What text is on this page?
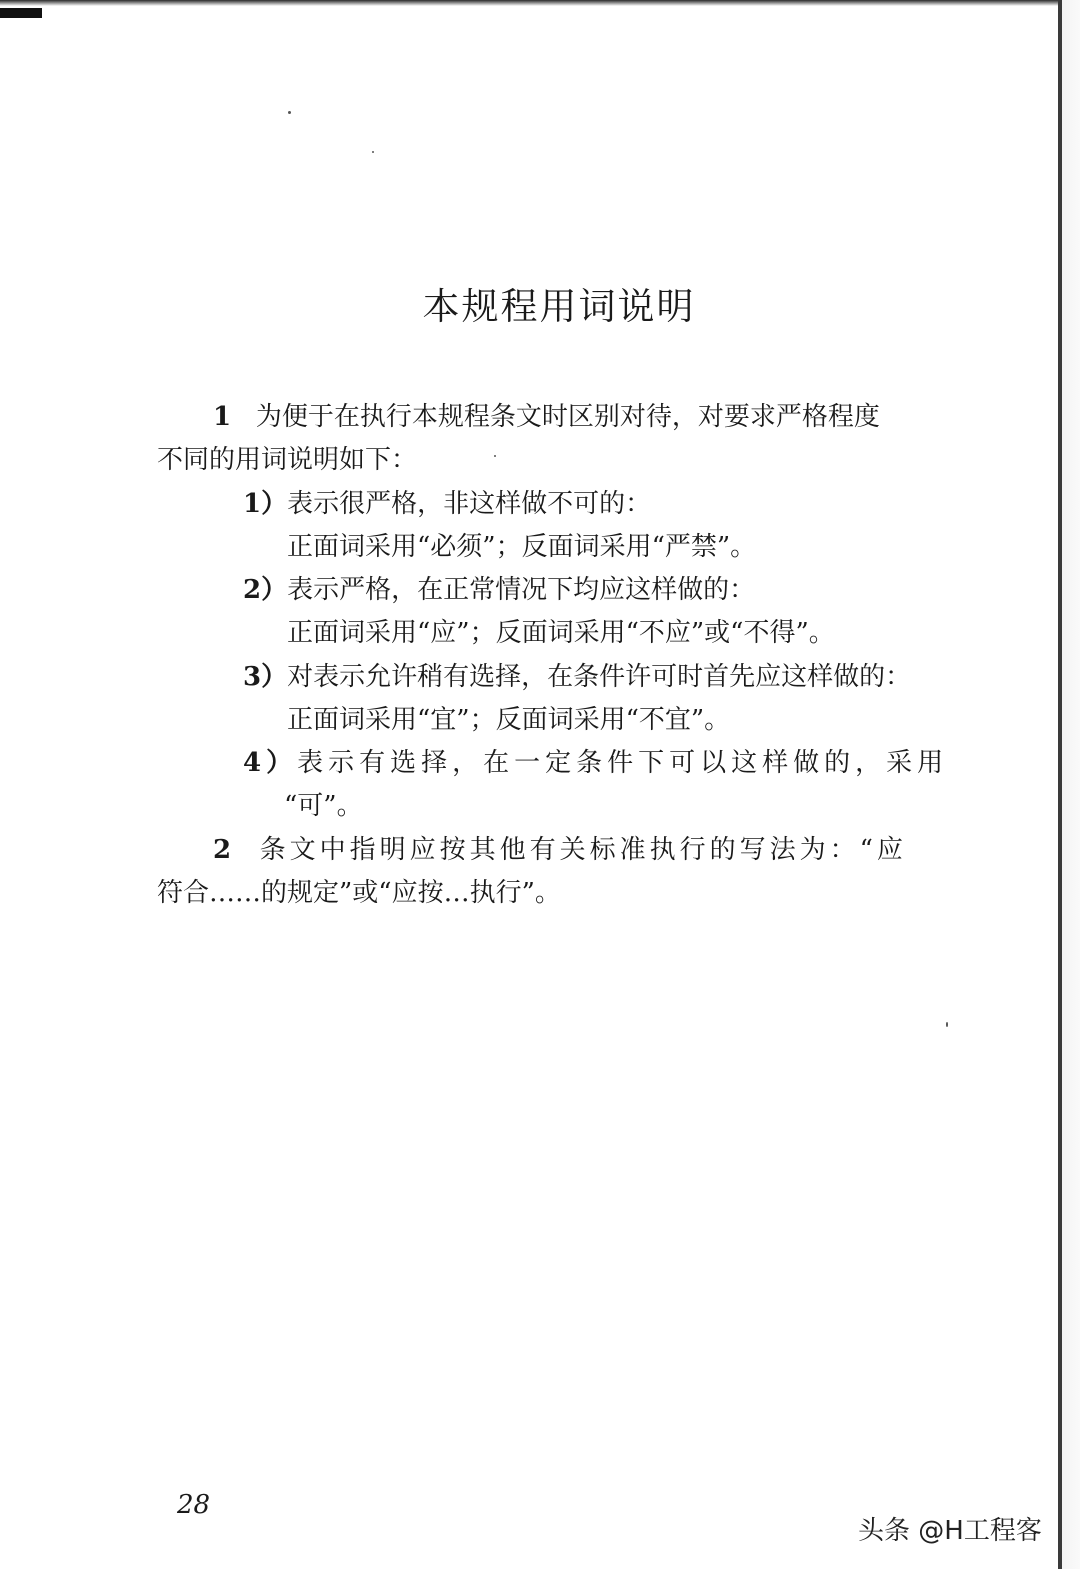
本规程用词说明
1 为便于在执行本规程条文时区别对待，对要求严格程度
不同的用词说明如下：
1）表示很严格，非这样做不可的：
正面词采用“必须”；反面词采用“严禁”。
2）表示严格，在正常情况下均应这样做的：
正面词采用“应”；反面词采用“不应”或“不得”。
3）对表示允许稍有选择，在条件许可时首先应这样做的：
正面词采用“宜”；反面词采用“不宜”。
4）表示有选择，在一定条件下可以这样做的，采用
“可”。
2 条文中指明应按其他有关标准执行的写法为：“应
符合……的规定”或“应按…执行”。
28
头条 @H工程客
